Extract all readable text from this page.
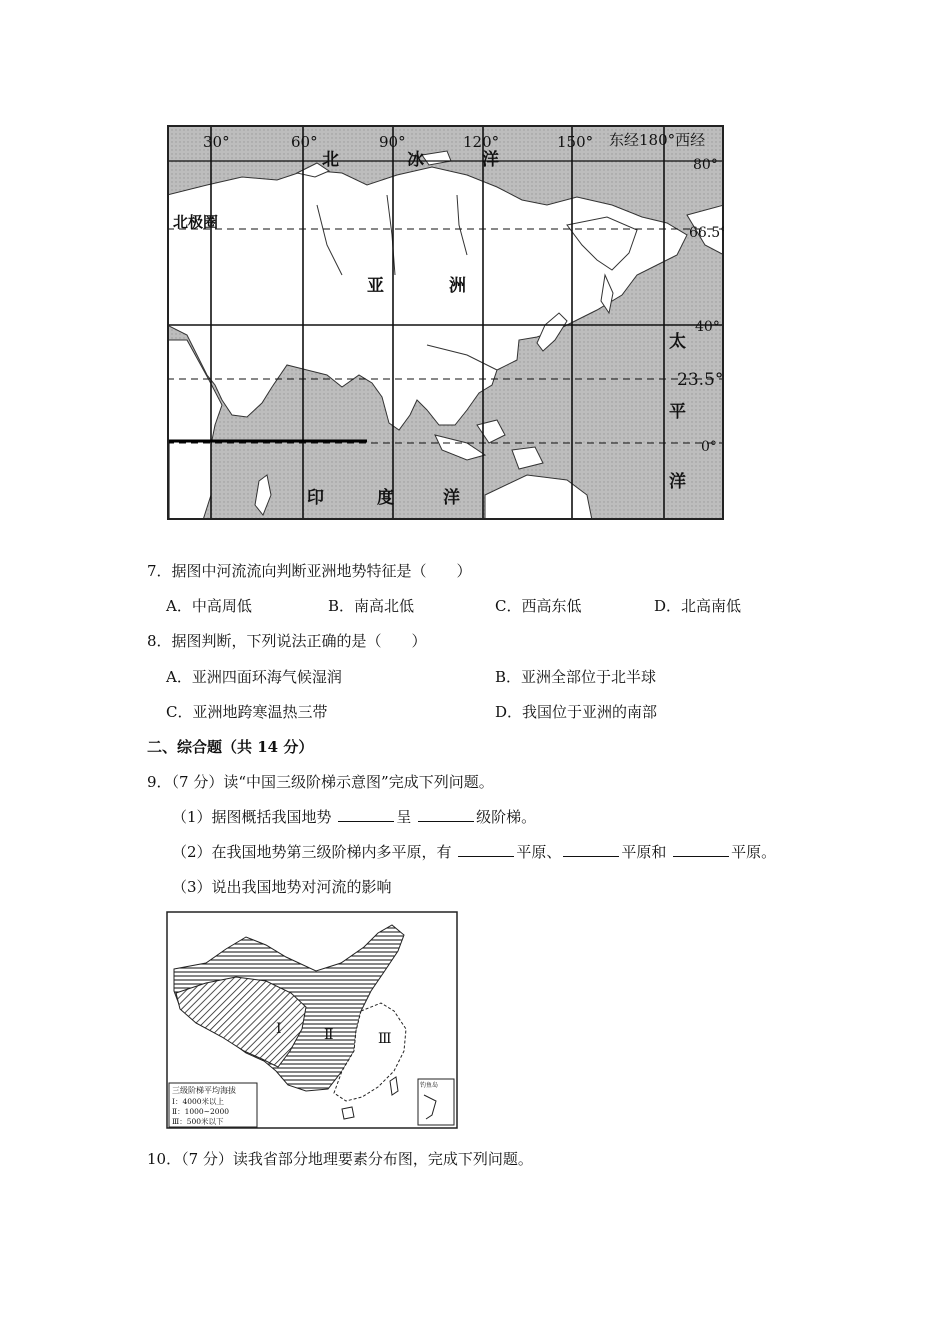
30°	60°	90°	120°	150° 东经180°西经
80°
66.5°
40°
23.5°
0°
北	冰	洋
北极圈
亚	洲
太
平
洋
印	度	洋
7．据图中河流流向判断亚洲地势特征是（　　）
A．中高周低	B．南高北低	C．西高东低	D．北高南低
8．据图判断，下列说法正确的是（　　）
A．亚洲四面环海气候湿润	B．亚洲全部位于北半球
C．亚洲地跨寒温热三带	D．我国位于亚洲的南部
二、综合题（共 14 分）
9．（7 分）读“中国三级阶梯示意图”完成下列问题。
（1）据图概括我国地势	呈	级阶梯。
（2）在我国地势第三级阶梯内多平原，有	平原、	平原和	平原。
（3）说出我国地势对河流的影响
Ⅰ	Ⅱ	Ⅲ
三级阶梯平均海拔
Ⅰ：4000米以上
Ⅱ：1000~2000
Ⅲ：500米以下
钓鱼岛
10．（7 分）读我省部分地理要素分布图，完成下列问题。
